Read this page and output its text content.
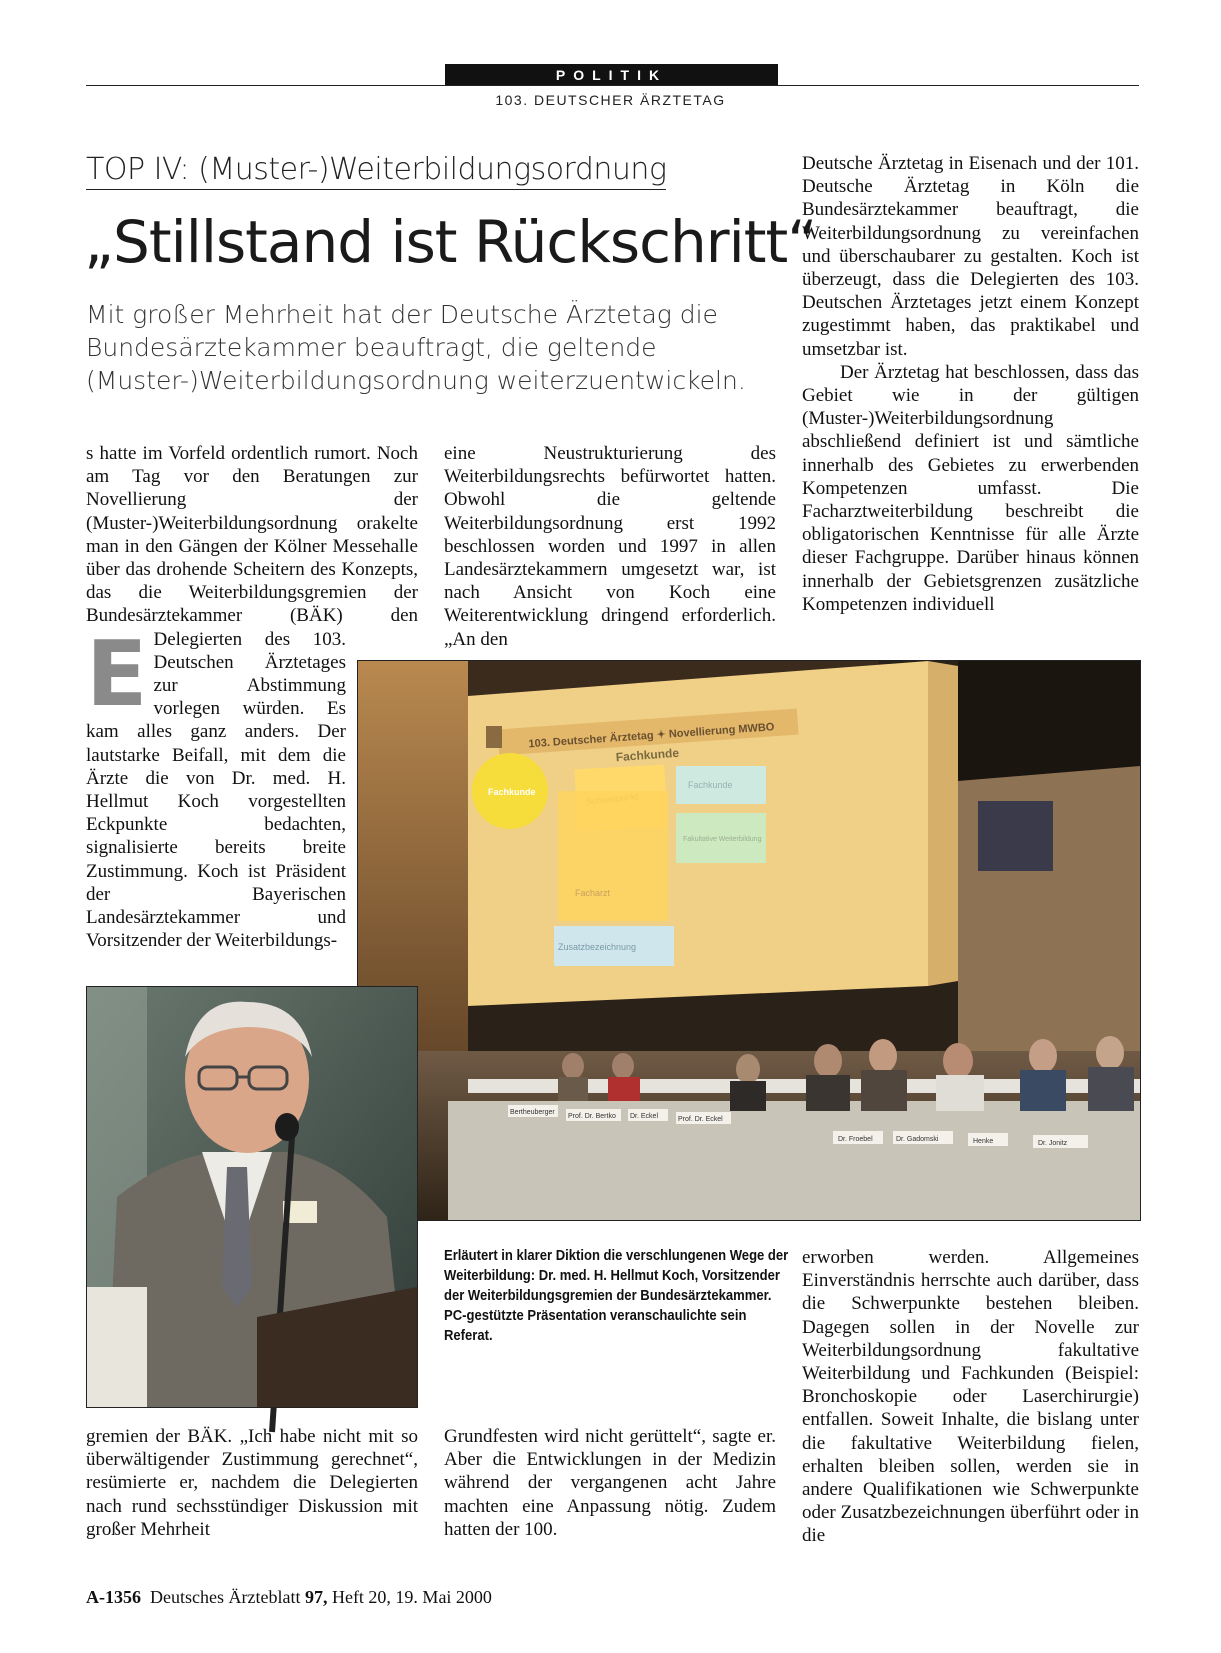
POLITIK
103. DEUTSCHER ÄRZTETAG
TOP IV: (Muster-)Weiterbildungsordnung
„Stillstand ist Rückschritt“
Mit großer Mehrheit hat der Deutsche Ärztetag die Bundesärztekammer beauftragt, die geltende (Muster-)Weiterbildungsordnung weiterzuentwickeln.

E
s hatte im Vorfeld ordentlich rumort. Noch am Tag vor den Beratungen zur Novellierung der (Muster-)Weiterbildungsordnung orakelte man in den Gängen der Kölner Messehalle über das drohende Scheitern des Konzepts, das die Weiterbildungsgremien der Bundesärztekammer (BÄK) den Delegierten des 103. Deutschen Ärztetages zur Abstimmung vorlegen würden. Es kam alles ganz anders. Der lautstarke Beifall, mit dem die Ärzte die von Dr. med. H. Hellmut Koch vorgestellten Eckpunkte bedachten, signalisierte bereits breite Zustimmung. Koch ist Präsident der Bayerischen Landesärztekammer und Vorsitzender der Weiterbildungs-

eine Neustrukturierung des Weiterbildungsrechts befürwortet hatten. Obwohl die geltende Weiterbildungsordnung erst 1992 beschlossen worden und 1997 in allen Landesärztekammern umgesetzt war, ist nach Ansicht von Koch eine Weiterentwicklung dringend erforderlich. „An den

Deutsche Ärztetag in Eisenach und der 101. Deutsche Ärztetag in Köln die Bundesärztekammer beauftragt, die Weiterbildungsordnung zu vereinfachen und überschaubarer zu gestalten. Koch ist überzeugt, dass die Delegierten des 103. Deutschen Ärztetages jetzt einem Konzept zugestimmt haben, das praktikabel und umsetzbar ist.

Der Ärztetag hat beschlossen, dass das Gebiet wie in der gültigen (Muster-)Weiterbildungsordnung abschließend definiert ist und sämtliche innerhalb des Gebietes zu erwerbenden Kompetenzen umfasst. Die Facharztweiterbildung beschreibt die obligatorischen Kenntnisse für alle Ärzte dieser Fachgruppe. Darüber hinaus können innerhalb der Gebietsgrenzen zusätzliche Kompetenzen individuell

103. Deutscher Ärztetag ✦ Novellierung MWBO
Fachkunde
Fachkunde
Fachkunde
Fakultative Weiterbildung
Facharzt
Zusatzbezeichnung
Bertheuberger
Prof. Dr. Bertko Dr. Eckel	Prof. Dr. Eckel
Dr. Froebel	Dr. Gadomski	Henke	Dr. Jonitz
Erläutert in klarer Diktion die verschlungenen Wege der Weiterbildung: Dr. med. H. Hellmut Koch, Vorsitzender der Weiterbildungsgremien der Bundesärztekammer. PC-gestützte Präsentation veranschaulichte sein Referat.

erworben werden. Allgemeines Einverständnis herrschte auch darüber, dass die Schwerpunkte bestehen bleiben. Dagegen sollen in der Novelle zur Weiterbildungsordnung fakultative Weiterbildung und Fachkunden (Beispiel: Bronchoskopie oder Laserchirurgie) entfallen. Soweit Inhalte, die bislang unter die fakultative Weiterbildung fielen, erhalten bleiben sollen, werden sie in andere Qualifikationen wie Schwerpunkte oder Zusatzbezeichnungen überführt oder in die

gremien der BÄK. „Ich habe nicht mit so überwältigender Zustimmung gerechnet“, resümierte er, nachdem die Delegierten nach rund sechsstündiger Diskussion mit großer Mehrheit

Grundfesten wird nicht gerüttelt“, sagte er. Aber die Entwicklungen in der Medizin während der vergangenen acht Jahre machten eine Anpassung nötig. Zudem hatten der 100.

A-1356 Deutsches Ärzteblatt 97, Heft 20, 19. Mai 2000
